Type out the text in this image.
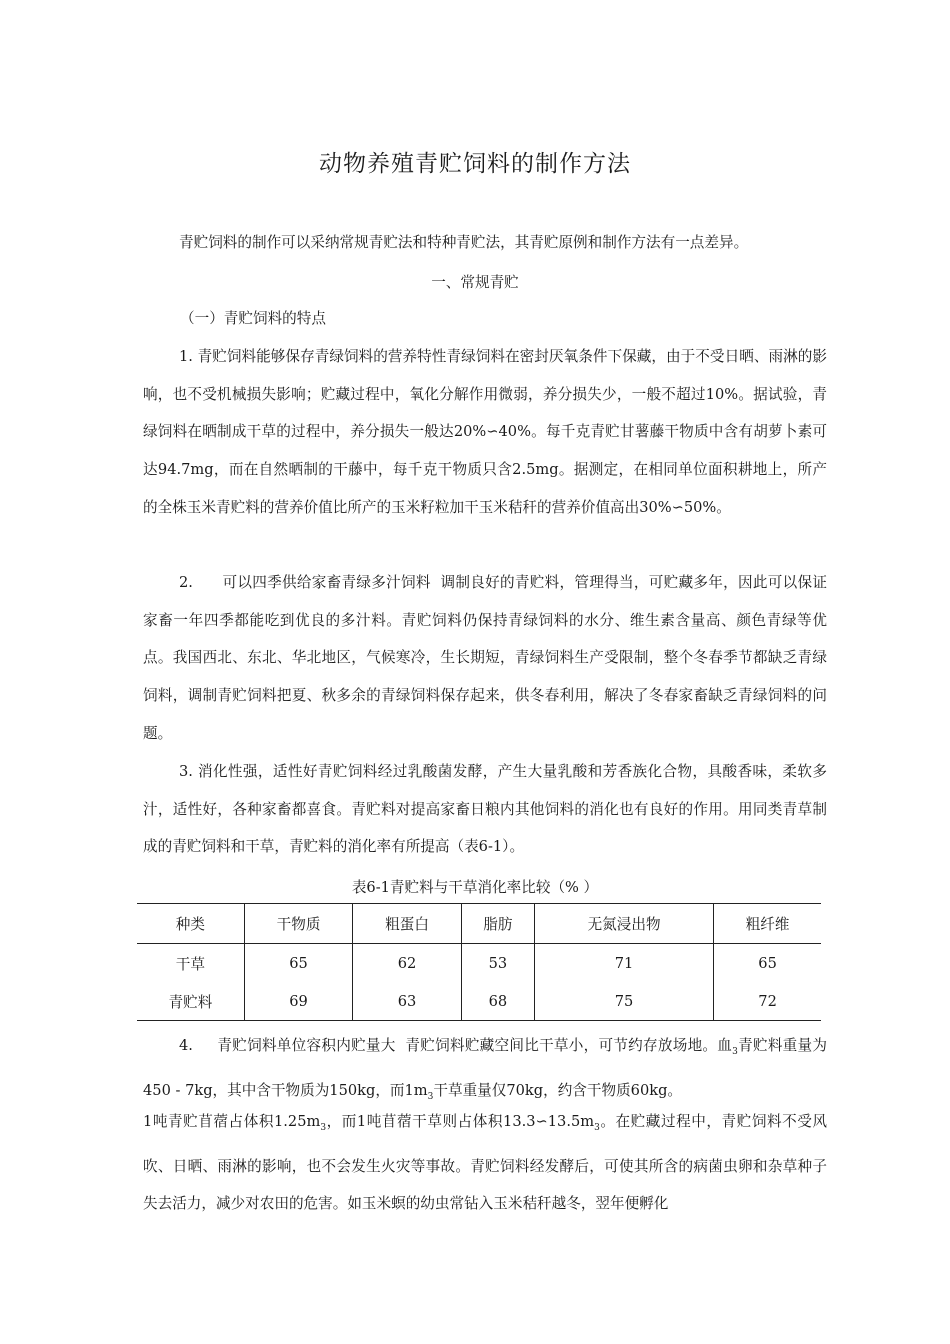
动物养殖青贮饲料的制作方法

青贮饲料的制作可以采纳常规青贮法和特种青贮法，其青贮原例和制作方法有一点差异。

一、常规青贮

（一）青贮饲料的特点

1. 青贮饲料能够保存青绿饲料的营养特性青绿饲料在密封厌氧条件下保藏，由于不受日晒、雨淋的影响，也不受机械损失影响；贮藏过程中，氧化分解作用微弱，养分损失少，一般不超过10%。据试验，青绿饲料在晒制成干草的过程中，养分损失一般达20%∽40%。每千克青贮甘薯藤干物质中含有胡萝卜素可达94.7mg，而在自然晒制的干藤中，每千克干物质只含2.5mg。据测定，在相同单位面积耕地上，所产的全株玉米青贮料的营养价值比所产的玉米籽粒加干玉米秸秆的营养价值高出30%∽50%。

2.      可以四季供给家畜青绿多汁饲料  调制良好的青贮料，管理得当，可贮藏多年，因此可以保证家畜一年四季都能吃到优良的多汁料。青贮饲料仍保持青绿饲料的水分、维生素含量高、颜色青绿等优点。我国西北、东北、华北地区，气候寒冷，生长期短，青绿饲料生产受限制，整个冬春季节都缺乏青绿饲料，调制青贮饲料把夏、秋多余的青绿饲料保存起来，供冬春利用，解决了冬春家畜缺乏青绿饲料的问题。

3. 消化性强，适性好青贮饲料经过乳酸菌发酵，产生大量乳酸和芳香族化合物，具酸香味，柔软多汁，适性好，各种家畜都喜食。青贮料对提高家畜日粮内其他饲料的消化也有良好的作用。用同类青草制成的青贮饲料和干草，青贮料的消化率有所提高（表6-1）。

表6-1青贮料与干草消化率比较（% ）
种类	干物质	粗蛋白	脂肪	无氮浸出物	粗纤维
干草	65	62	53	71	65
青贮料	69	63	68	75	72

4.     青贮饲料单位容积内贮量大  青贮饲料贮藏空间比干草小，可节约存放场地。血$_3$青贮料重量为450 - 7kg，其中含干物质为150kg，而$1m_3$干草重量仅70kg，约含干物质60kg。

1吨青贮苜蓿占体积$1.25m_3$，而1吨苜蓿干草则占体积$13.3∽13.5m_3$。在贮藏过程中，青贮饲料不受风吹、日晒、雨淋的影响，也不会发生火灾等事故。青贮饲料经发酵后，可使其所含的病菌虫卵和杂草种子失去活力，减少对农田的危害。如玉米螟的幼虫常钻入玉米秸秆越冬，翌年便孵化
